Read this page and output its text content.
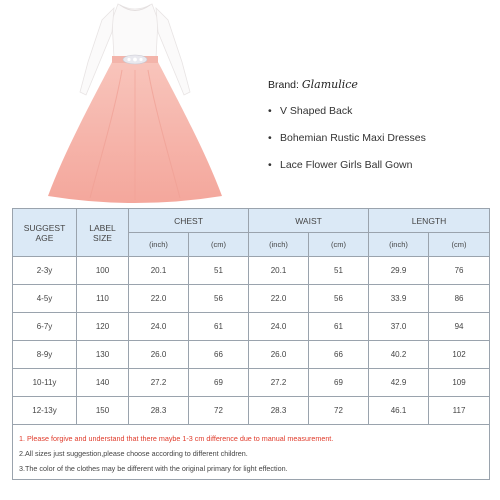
Brand: Glamulice
• V Shaped Back
• Bohemian Rustic Maxi Dresses
• Lace Flower Girls Ball Gown
SUGGEST
AGE	LABEL
SIZE	CHEST		WAIST		LENGTH	
		(inch)	(cm)	(inch)	(cm)	(inch)	(cm)
2-3y	100	20.1	51	20.1	51	29.9	76
4-5y	110	22.0	56	22.0	56	33.9	86
6-7y	120	24.0	61	24.0	61	37.0	94
8-9y	130	26.0	66	26.0	66	40.2	102
10-11y	140	27.2	69	27.2	69	42.9	109
12-13y	150	28.3	72	28.3	72	46.1	117

1. Please forgive and understand that there maybe 1-3 cm difference due to manual measurement.
2.All sizes just suggestion,please choose according to different children.
3.The color of the clothes may be different with the original primary for light effection.							
